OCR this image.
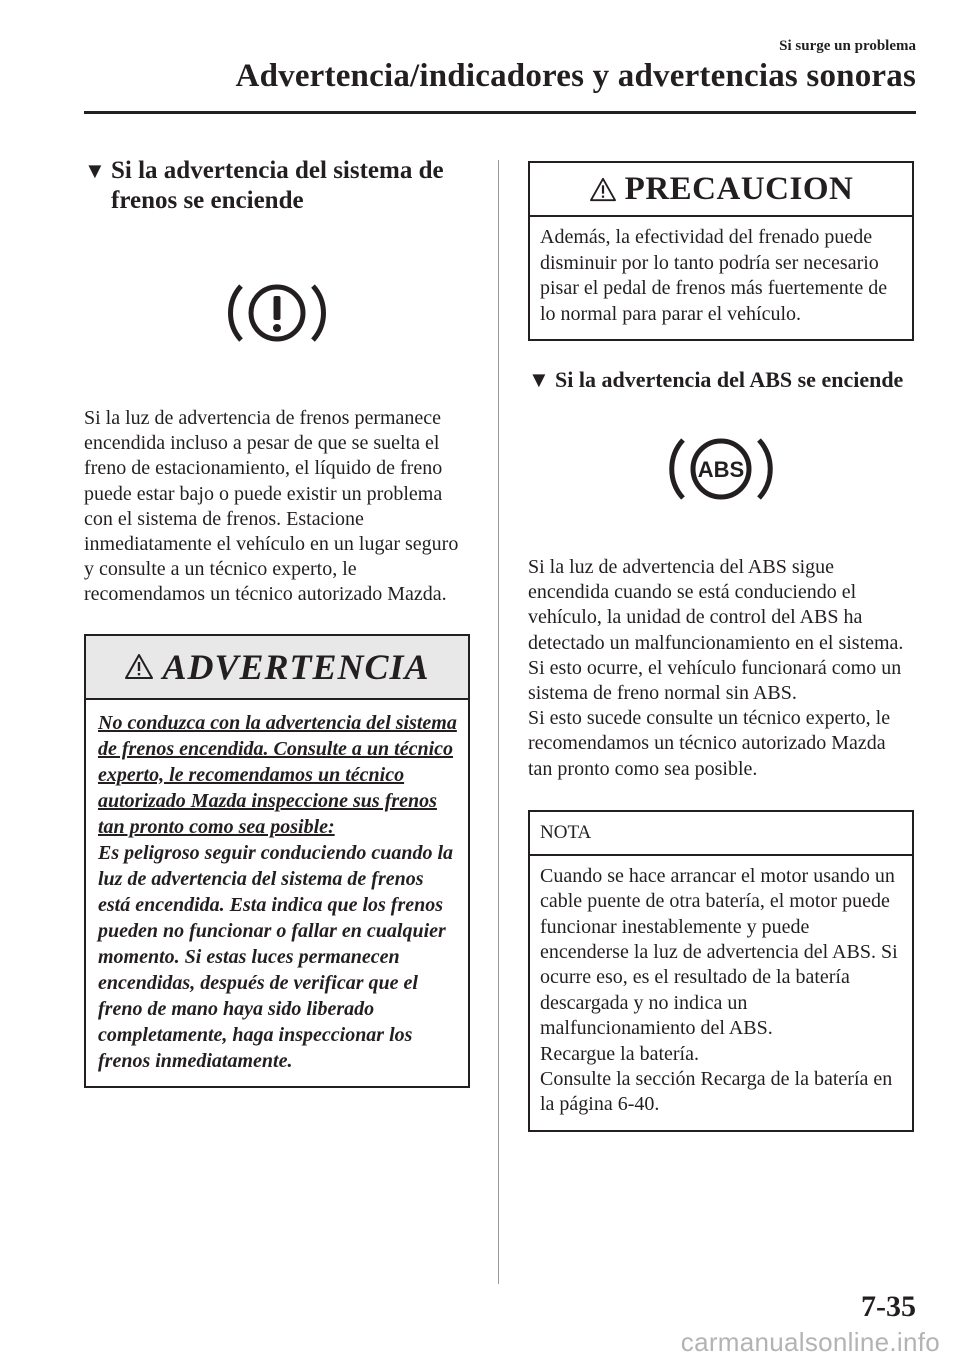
Si surge un problema
Advertencia/indicadores y advertencias sonoras
▼ Si la advertencia del sistema de frenos se enciende

Si la luz de advertencia de frenos permanece encendida incluso a pesar de que se suelta el freno de estacionamiento, el líquido de freno puede estar bajo o puede existir un problema con el sistema de frenos. Estacione inmediatamente el vehículo en un lugar seguro y consulte a un técnico experto, le recomendamos un técnico autorizado Mazda.

ADVERTENCIA
No conduzca con la advertencia del sistema de frenos encendida. Consulte a un técnico experto, le recomendamos un técnico autorizado Mazda inspeccione sus frenos tan pronto como sea posible:
Es peligroso seguir conduciendo cuando la luz de advertencia del sistema de frenos está encendida. Esta indica que los frenos pueden no funcionar o fallar en cualquier momento. Si estas luces permanecen encendidas, después de verificar que el freno de mano haya sido liberado completamente, haga inspeccionar los frenos inmediatamente.
PRECAUCION
Además, la efectividad del frenado puede disminuir por lo tanto podría ser necesario pisar el pedal de frenos más fuertemente de lo normal para parar el vehículo.
▼ Si la advertencia del ABS se enciende
ABS

Si la luz de advertencia del ABS sigue encendida cuando se está conduciendo el vehículo, la unidad de control del ABS ha detectado un malfuncionamiento en el sistema. Si esto ocurre, el vehículo funcionará como un sistema de freno normal sin ABS.

Si esto sucede consulte un técnico experto, le recomendamos un técnico autorizado Mazda tan pronto como sea posible.

NOTA
Cuando se hace arrancar el motor usando un cable puente de otra batería, el motor puede funcionar inestablemente y puede encenderse la luz de advertencia del ABS. Si ocurre eso, es el resultado de la batería descargada y no indica un malfuncionamiento del ABS.
Recargue la batería.
Consulte la sección Recarga de la batería en la página 6-40.
7-35
carmanualsonline.info
